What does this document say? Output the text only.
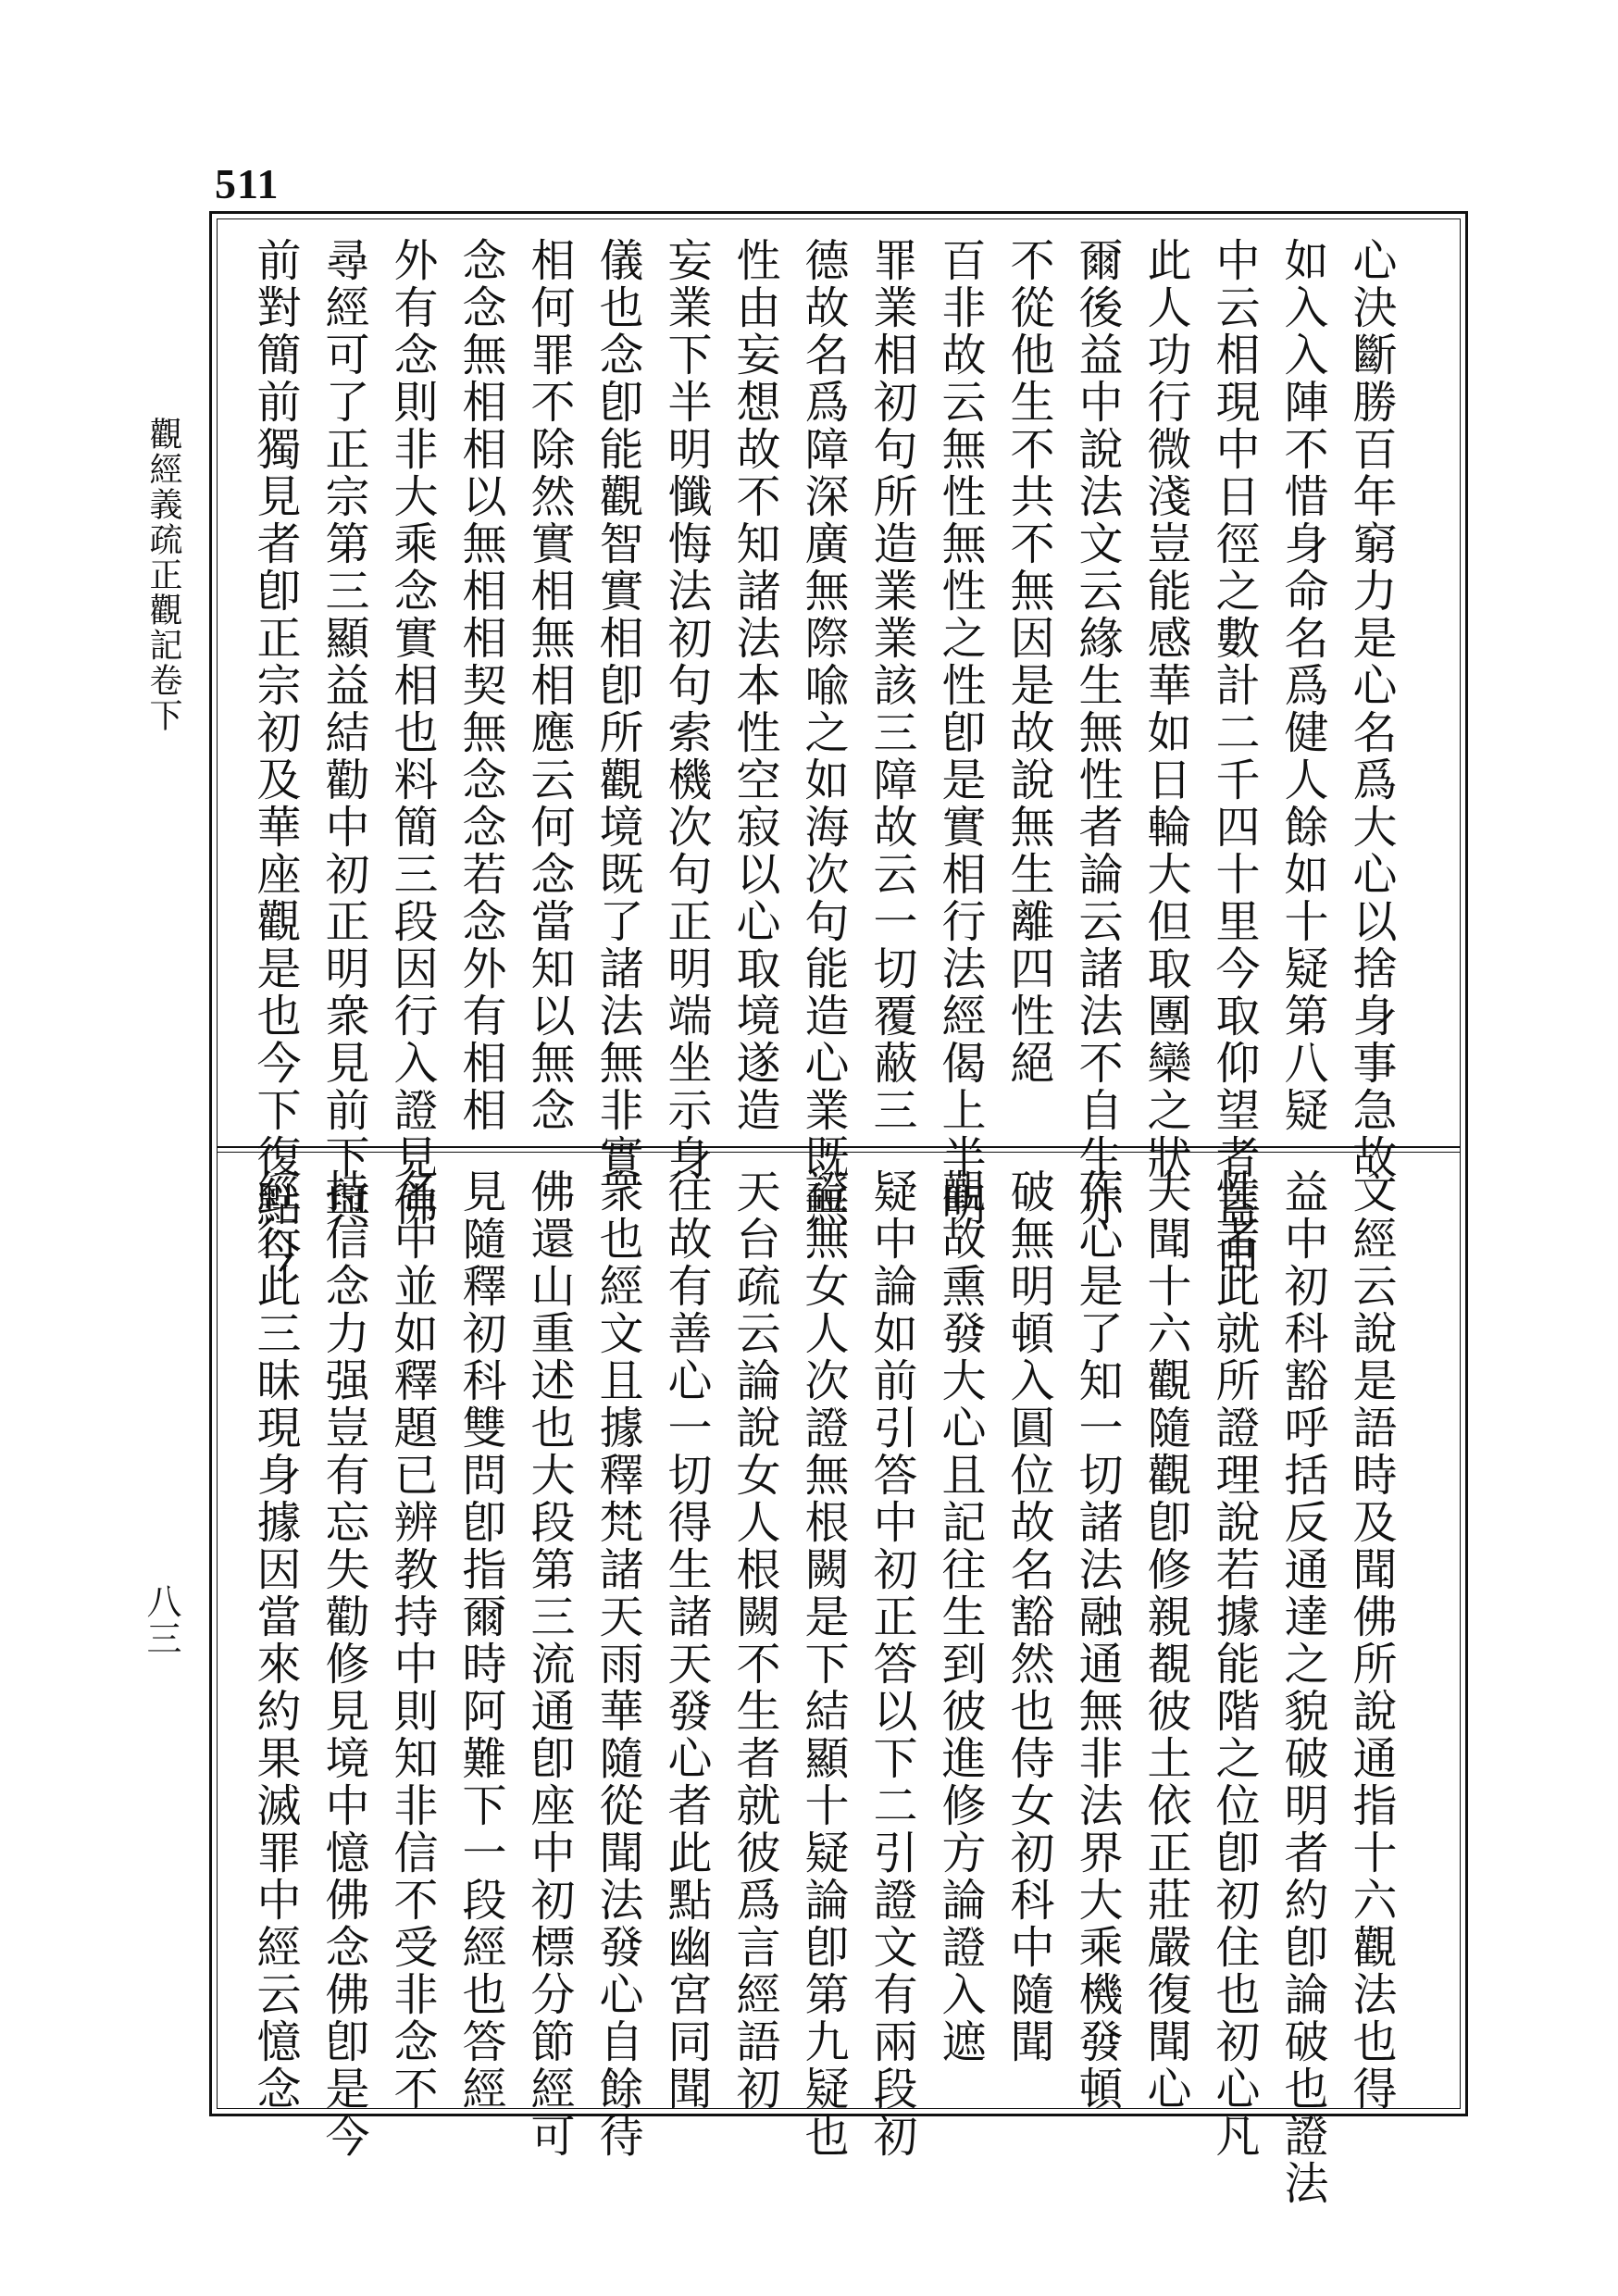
511
觀經義疏正觀記卷下
八三
心決斷勝百年窮力是心名爲大心以捨身事急故
如入入陣不惜身命名爲健人餘如十疑第八疑
中云相現中日徑之數計二千四十里今取仰望者蓋由
此人功行微淺豈能感華如日輪大但取團欒之狀
爾後益中說法文云緣生無性者論云諸法不自生亦
不從他生不共不無因是故說無生離四性絕
百非故云無性無性之性卽是實相行法經偈上半明
罪業相初句所造業業該三障故云一切覆蔽三
德故名爲障深廣無際喩之如海次句能造心業既無
性由妄想故不知諸法本性空寂以心取境遂造
妄業下半明懺悔法初句索機次句正明端坐示身
儀也念卽能觀智實相卽所觀境既了諸法無非實
相何罪不除然實相無相應云何念當知以無念
念念無相相以無相相契無念念若念外有相相
外有念則非大乘念實相也料簡三段因行入證見佛
尋經可了正宗第三顯益結勸中初正明衆見前下與
前對簡前獨見者卽正宗初及華座觀是也今下復點今
文經云說是語時及聞佛所說通指十六觀法也得
益中初科豁呼括反通達之貌破明者約卽論破也證法
性者此就所證理說若據能階之位卽初住也初心凡
夫聞十六觀隨觀卽修親覩彼土依正莊嚴復聞心
作心是了知一切諸法融通無非法界大乘機發頓
破無明頓入圓位故名豁然也侍女初科中隨聞
觀故熏發大心且記往生到彼進修方論證入遮
疑中論如前引答中初正答以下二引證文有兩段初
證無女人次證無根闕是下結顯十疑論卽第九疑也
天台疏云論說女人根闕不生者就彼爲言經語初
往故有善心一切得生諸天發心者此點幽宮同聞
衆也經文且據釋梵諸天雨華隨從聞法發心自餘待
佛還山重述也大段第三流通卽座中初標分節經可
見隨釋初科雙問卽指爾時阿難下一段經也答經
名中並如釋題已辨教持中則知非信不受非念不
持信念力强豈有忘失勸修見境中憶佛念佛卽是今
經行此三昧現身據因當來約果滅罪中經云憶念
